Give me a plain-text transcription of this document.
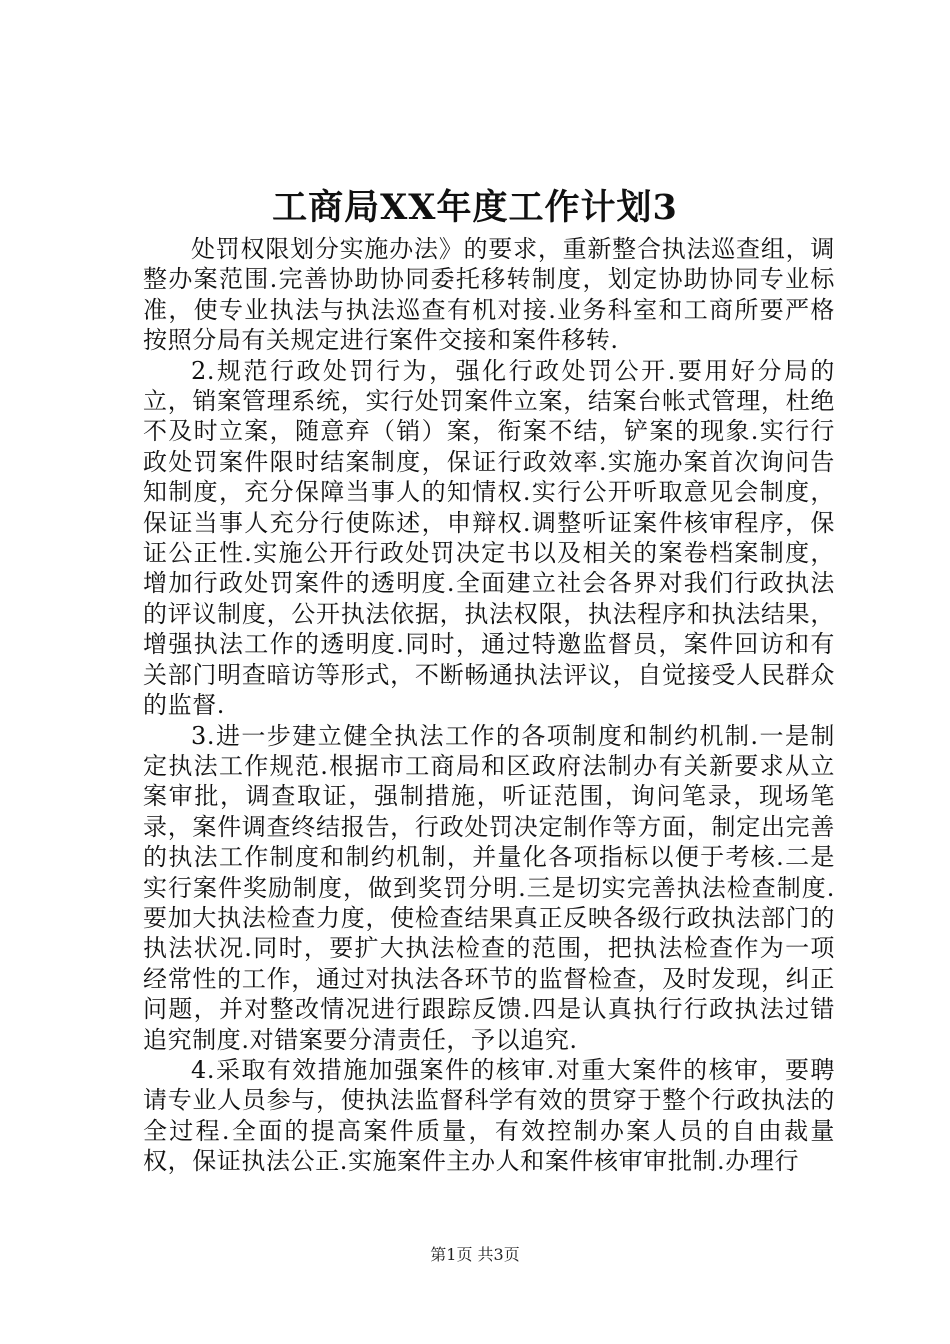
工商局XX年度工作计划3

处罚权限划分实施办法》的要求，重新整合执法巡查组，调整办案范围.完善协助协同委托移转制度，划定协助协同专业标准，使专业执法与执法巡查有机对接.业务科室和工商所要严格按照分局有关规定进行案件交接和案件移转.

2.规范行政处罚行为，强化行政处罚公开.要用好分局的立，销案管理系统，实行处罚案件立案，结案台帐式管理，杜绝不及时立案，随意弃（销）案，衔案不结，铲案的现象.实行行政处罚案件限时结案制度，保证行政效率.实施办案首次询问告知制度，充分保障当事人的知情权.实行公开听取意见会制度，保证当事人充分行使陈述，申辩权.调整听证案件核审程序，保证公正性.实施公开行政处罚决定书以及相关的案卷档案制度，增加行政处罚案件的透明度.全面建立社会各界对我们行政执法的评议制度，公开执法依据，执法权限，执法程序和执法结果，增强执法工作的透明度.同时，通过特邀监督员，案件回访和有关部门明查暗访等形式，不断畅通执法评议，自觉接受人民群众的监督.

3.进一步建立健全执法工作的各项制度和制约机制.一是制定执法工作规范.根据市工商局和区政府法制办有关新要求从立案审批，调查取证，强制措施，听证范围，询问笔录，现场笔录，案件调查终结报告，行政处罚决定制作等方面，制定出完善的执法工作制度和制约机制，并量化各项指标以便于考核.二是实行案件奖励制度，做到奖罚分明.三是切实完善执法检查制度.要加大执法检查力度，使检查结果真正反映各级行政执法部门的执法状况.同时，要扩大执法检查的范围，把执法检查作为一项经常性的工作，通过对执法各环节的监督检查，及时发现，纠正问题，并对整改情况进行跟踪反馈.四是认真执行行政执法过错追究制度.对错案要分清责任，予以追究.

4.采取有效措施加强案件的核审.对重大案件的核审，要聘请专业人员参与，使执法监督科学有效的贯穿于整个行政执法的全过程.全面的提高案件质量，有效控制办案人员的自由裁量权，保证执法公正.实施案件主办人和案件核审审批制.办理行

第1页 共3页
